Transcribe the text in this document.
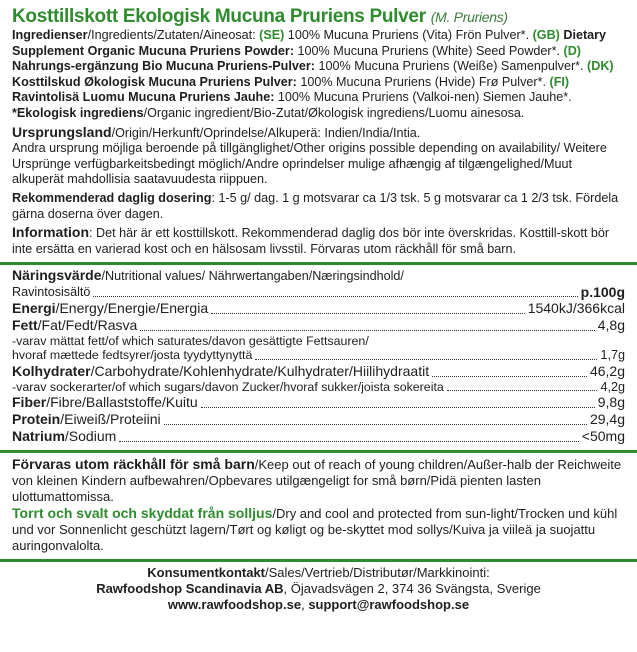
Kosttillskott Ekologisk Mucuna Pruriens Pulver (M. Pruriens)

Ingredienser/Ingredients/Zutaten/Aineosat: (SE) 100% Mucuna Pruriens (Vita) Frön Pulver*. (GB) Dietary Supplement Organic Mucuna Pruriens Powder: 100% Mucuna Pruriens (White) Seed Powder*. (D) Nahrungs-ergänzung Bio Mucuna Pruriens-Pulver: 100% Mucuna Pruriens (Weiße) Samenpulver*. (DK) Kosttilskud Økologisk Mucuna Pruriens Pulver: 100% Mucuna Pruriens (Hvide) Frø Pulver*. (FI) Ravintolisä Luomu Mucuna Pruriens Jauhe: 100% Mucuna Pruriens (Valkoi-nen) Siemen Jauhe*.

*Ekologisk ingrediens/Organic ingredient/Bio-Zutat/Økologisk ingrediens/Luomu ainesosa.

Ursprungsland/Origin/Herkunft/Oprindelse/Alkuperä: Indien/India/Intia.

Andra ursprung möjliga beroende på tillgänglighet/Other origins possible depending on availability/ Weitere Ursprünge verfügbarkeitsbedingt möglich/Andre oprindelser mulige afhængig af tilgængelighed/Muut alkuperät mahdollisia saatavuudesta riippuen.

Rekommenderad daglig dosering: 1-5 g/ dag. 1 g motsvarar ca 1/3 tsk. 5 g motsvarar ca 1 2/3 tsk. Fördela gärna doserna över dagen.

Information: Det här är ett kosttillskott. Rekommenderad daglig dos bör inte överskridas. Kosttill-skott bör inte ersätta en varierad kost och en hälsosam livsstil. Förvaras utom räckhåll för små barn.

Näringsvärde/Nutritional values/ Nährwertangaben/Næringsindhold/
Ravintosisältö	p.100g
Energi/Energy/Energie/Energia	1540kJ/366kcal
Fett/Fat/Fedt/Rasva	4,8g
-varav mättat fett/of which saturates/davon gesättigte Fettsauren/
hvoraf mættede fedtsyrer/josta tyydyttynyttä	1,7g
Kolhydrater/Carbohydrate/Kohlenhydrate/Kulhydrater/Hiilihydraatit	46,2g
-varav sockerarter/of which sugars/davon Zucker/hvoraf sukker/joista sokereita	4,2g
Fiber/Fibre/Ballaststoffe/Kuitu	9,8g
Protein/Eiweiß/Proteiini	29,4g
Natrium/Sodium	<50mg

Förvaras utom räckhåll för små barn/Keep out of reach of young children/Außer-halb der Reichweite von kleinen Kindern aufbewahren/Opbevares utilgængeligt for små børn/Pidä pienten lasten ulottumattomissa.

Torrt och svalt och skyddat från solljus/Dry and cool and protected from sun-light/Trocken und kühl und vor Sonnenlicht geschützt lagern/Tørt og køligt og be-skyttet mod sollys/Kuiva ja viileä ja suojattu auringonvalolta.

Konsumentkontakt/Sales/Vertrieb/Distributør/Markkinointi:
Rawfoodshop Scandinavia AB, Öjavadsvägen 2, 374 36 Svängsta, Sverige
www.rawfoodshop.se, support@rawfoodshop.se
